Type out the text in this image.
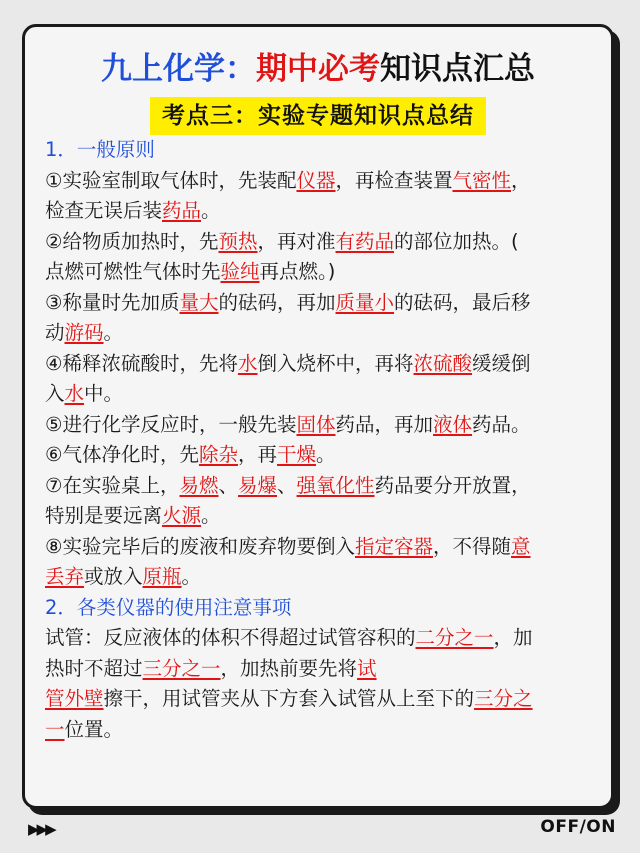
九上化学：期中必考知识点汇总
考点三：实验专题知识点总结
1．一般原则
①实验室制取气体时，先装配仪器，再检查装置气密性，
检查无误后装药品。
②给物质加热时，先预热，再对准有药品的部位加热。(
点燃可燃性气体时先验纯再点燃。)
③称量时先加质量大的砝码，再加质量小的砝码，最后移
动游码。
④稀释浓硫酸时，先将水倒入烧杯中，再将浓硫酸缓缓倒
入水中。
⑤进行化学反应时，一般先装固体药品，再加液体药品。
⑥气体净化时，先除杂，再干燥。
⑦在实验桌上，易燃、易爆、强氧化性药品要分开放置，
特别是要远离火源。
⑧实验完毕后的废液和废弃物要倒入指定容器，不得随意
丢弃或放入原瓶。
2．各类仪器的使用注意事项
试管：反应液体的体积不得超过试管容积的二分之一，加
热时不超过三分之一，加热前要先将试
管外壁擦干，用试管夹从下方套入试管从上至下的三分之
一位置。
▶▶▶	OFF/ON
